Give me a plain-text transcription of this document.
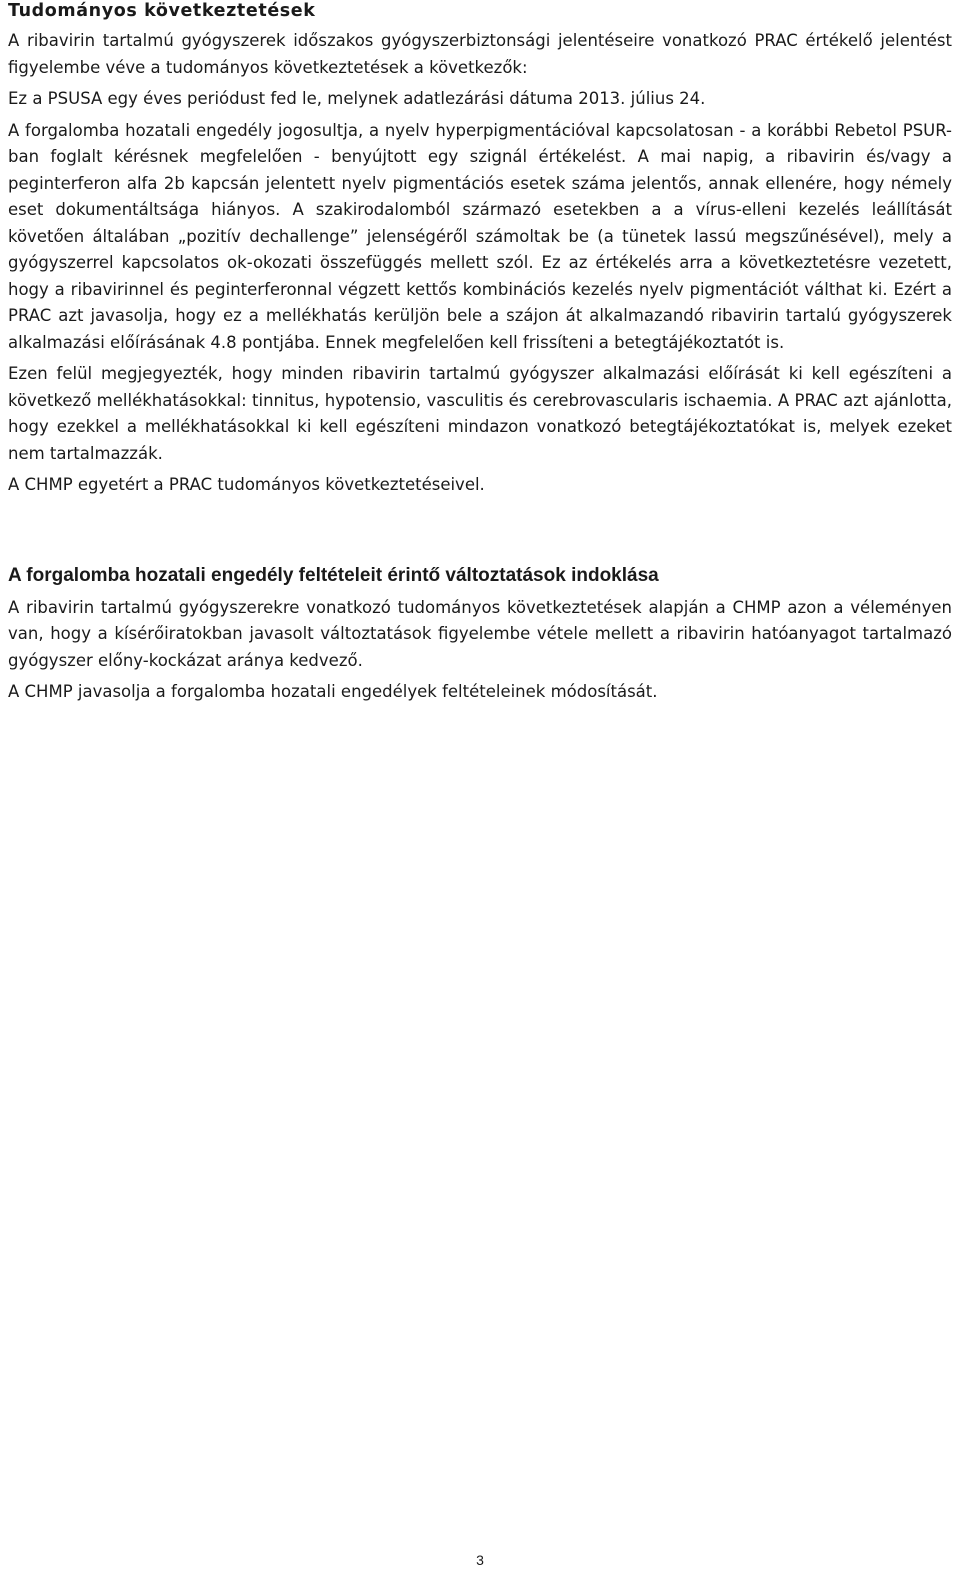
Tudományos következtetések

A ribavirin tartalmú gyógyszerek időszakos gyógyszerbiztonsági jelentéseire vonatkozó PRAC értékelő jelentést figyelembe véve a tudományos következtetések a következők:

Ez a PSUSA egy éves periódust fed le, melynek adatlezárási dátuma 2013. július 24.

A forgalomba hozatali engedély jogosultja, a nyelv hyperpigmentációval kapcsolatosan - a korábbi Rebetol PSUR-ban foglalt kérésnek megfelelően - benyújtott egy szignál értékelést. A mai napig, a ribavirin és/vagy a peginterferon alfa 2b kapcsán jelentett nyelv pigmentációs esetek száma jelentős, annak ellenére, hogy némely eset dokumentáltsága hiányos. A szakirodalomból származó esetekben a a vírus-elleni kezelés leállítását követően általában „pozitív dechallenge” jelenségéről számoltak be (a tünetek lassú megszűnésével), mely a gyógyszerrel kapcsolatos ok-okozati összefüggés mellett szól. Ez az értékelés arra a következtetésre vezetett, hogy a ribavirinnel és peginterferonnal végzett kettős kombinációs kezelés nyelv pigmentációt válthat ki. Ezért a PRAC azt javasolja, hogy ez a mellékhatás kerüljön bele a szájon át alkalmazandó ribavirin tartalú gyógyszerek alkalmazási előírásának 4.8 pontjába. Ennek megfelelően kell frissíteni a betegtájékoztatót is.

Ezen felül megjegyezték, hogy minden ribavirin tartalmú gyógyszer alkalmazási előírását ki kell egészíteni a következő mellékhatásokkal: tinnitus, hypotensio, vasculitis és cerebrovascularis ischaemia. A PRAC azt ajánlotta, hogy ezekkel a mellékhatásokkal ki kell egészíteni mindazon vonatkozó betegtájékoztatókat is, melyek ezeket nem tartalmazzák.

A CHMP egyetért a PRAC tudományos következtetéseivel.

A forgalomba hozatali engedély feltételeit érintő változtatások indoklása

A ribavirin tartalmú gyógyszerekre vonatkozó tudományos következtetések alapján a CHMP azon a véleményen van, hogy a kísérőiratokban javasolt változtatások figyelembe vétele mellett a ribavirin hatóanyagot tartalmazó gyógyszer előny-kockázat aránya kedvező.

A CHMP javasolja a forgalomba hozatali engedélyek feltételeinek módosítását.

3
